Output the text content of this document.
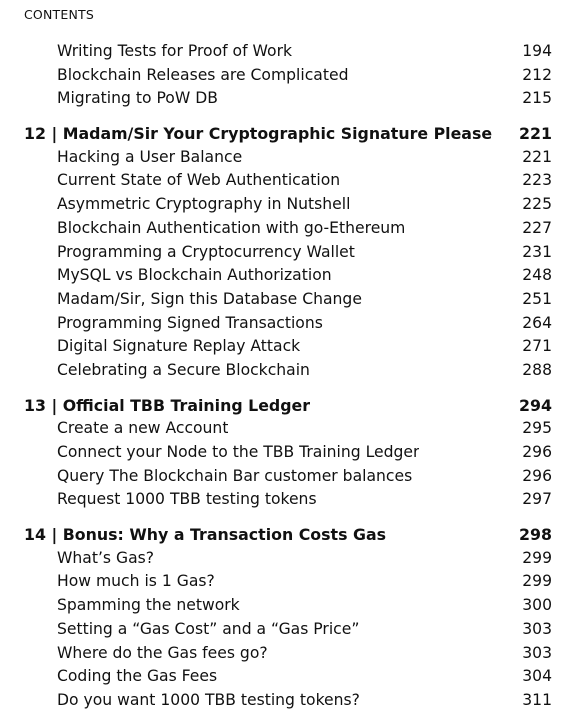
CONTENTS
Writing Tests for Proof of Work	194
Blockchain Releases are Complicated	212
Migrating to PoW DB	215
12 | Madam/Sir Your Cryptographic Signature Please 221
Hacking a User Balance	221
Current State of Web Authentication	223
Asymmetric Cryptography in Nutshell	225
Blockchain Authentication with go-Ethereum	227
Programming a Cryptocurrency Wallet	231
MySQL vs Blockchain Authorization	248
Madam/Sir, Sign this Database Change	251
Programming Signed Transactions	264
Digital Signature Replay Attack	271
Celebrating a Secure Blockchain	288
13 | Official TBB Training Ledger	294
Create a new Account	295
Connect your Node to the TBB Training Ledger	296
Query The Blockchain Bar customer balances	296
Request 1000 TBB testing tokens	297
14 | Bonus: Why a Transaction Costs Gas	298
What’s Gas?	299
How much is 1 Gas?	299
Spamming the network	300
Setting a “Gas Cost” and a “Gas Price”	303
Where do the Gas fees go?	303
Coding the Gas Fees	304
Do you want 1000 TBB testing tokens?	311
